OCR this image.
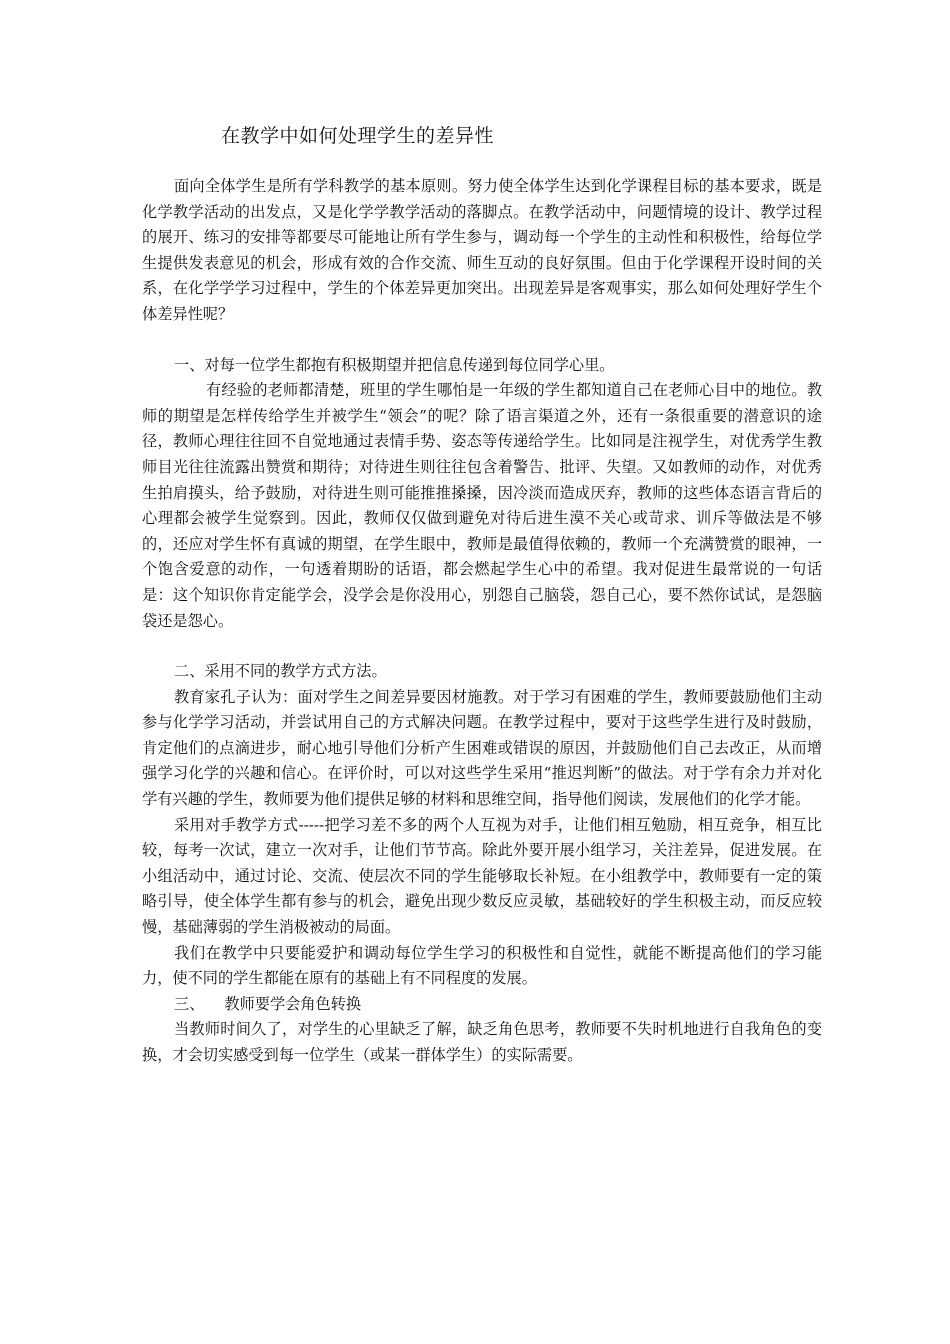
在教学中如何处理学生的差异性

面向全体学生是所有学科教学的基本原则。努力使全体学生达到化学课程目标的基本要求，既是化学教学活动的出发点，又是化学学教学活动的落脚点。在教学活动中，问题情境的设计、教学过程的展开、练习的安排等都要尽可能地让所有学生参与，调动每一个学生的主动性和积极性，给每位学生提供发表意见的机会，形成有效的合作交流、师生互动的良好氛围。但由于化学课程开设时间的关系，在化学学学习过程中，学生的个体差异更加突出。出现差异是客观事实，那么如何处理好学生个体差异性呢？

一、对每一位学生都抱有积极期望并把信息传递到每位同学心里。

有经验的老师都清楚，班里的学生哪怕是一年级的学生都知道自己在老师心目中的地位。教师的期望是怎样传给学生并被学生“领会”的呢？除了语言渠道之外，还有一条很重要的潜意识的途径，教师心理往往回不自觉地通过表情手势、姿态等传递给学生。比如同是注视学生，对优秀学生教师目光往往流露出赞赏和期待；对待进生则往往包含着警告、批评、失望。又如教师的动作，对优秀生拍肩摸头，给予鼓励，对待进生则可能推推搡搡，因冷淡而造成厌弃，教师的这些体态语言背后的心理都会被学生觉察到。因此，教师仅仅做到避免对待后进生漠不关心或苛求、训斥等做法是不够的，还应对学生怀有真诚的期望，在学生眼中，教师是最值得依赖的，教师一个充满赞赏的眼神，一个饱含爱意的动作，一句透着期盼的话语，都会燃起学生心中的希望。我对促进生最常说的一句话是：这个知识你肯定能学会，没学会是你没用心，别怨自己脑袋，怨自己心，要不然你试试，是怨脑袋还是怨心。

二、采用不同的教学方式方法。

教育家孔子认为：面对学生之间差异要因材施教。对于学习有困难的学生，教师要鼓励他们主动参与化学学习活动，并尝试用自己的方式解决问题。在教学过程中，要对于这些学生进行及时鼓励，肯定他们的点滴进步，耐心地引导他们分析产生困难或错误的原因，并鼓励他们自己去改正，从而增强学习化学的兴趣和信心。在评价时，可以对这些学生采用“推迟判断”的做法。对于学有余力并对化学有兴趣的学生，教师要为他们提供足够的材料和思维空间，指导他们阅读，发展他们的化学才能。

采用对手教学方式-----把学习差不多的两个人互视为对手，让他们相互勉励，相互竞争，相互比较，每考一次试，建立一次对手，让他们节节高。除此外要开展小组学习，关注差异，促进发展。在小组活动中，通过讨论、交流、使层次不同的学生能够取长补短。在小组教学中，教师要有一定的策略引导，使全体学生都有参与的机会，避免出现少数反应灵敏，基础较好的学生积极主动，而反应较慢，基础薄弱的学生消极被动的局面。

我们在教学中只要能爱护和调动每位学生学习的积极性和自觉性，就能不断提高他们的学习能力，使不同的学生都能在原有的基础上有不同程度的发展。

三、 教师要学会角色转换

当教师时间久了，对学生的心里缺乏了解，缺乏角色思考，教师要不失时机地进行自我角色的变换，才会切实感受到每一位学生（或某一群体学生）的实际需要。
